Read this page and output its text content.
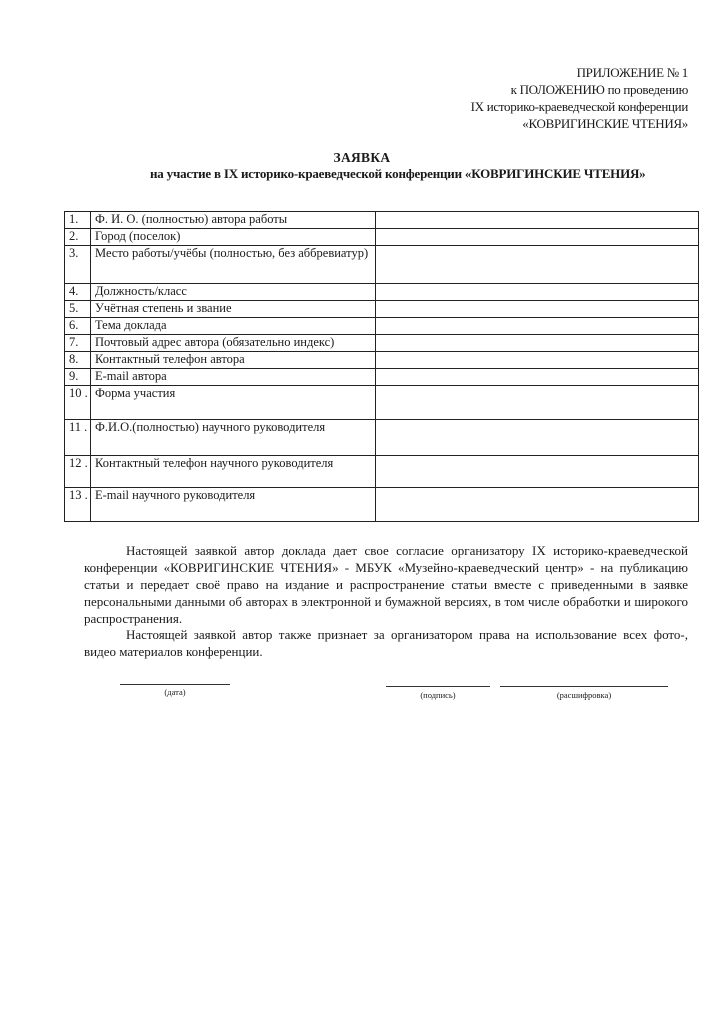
ПРИЛОЖЕНИЕ № 1
к ПОЛОЖЕНИЮ по проведению
IX историко-краеведческой конференции
«КОВРИГИНСКИЕ ЧТЕНИЯ»
ЗАЯВКА
на участие в IX историко-краеведческой конференции «КОВРИГИНСКИЕ ЧТЕНИЯ»
1.	Ф. И. О. (полностью) автора работы	
2.	Город (поселок)	
3.	Место работы/учёбы (полностью, без аббревиатур)	
4.	Должность/класс	
5.	Учётная степень и звание	
6.	Тема доклада	
7.	Почтовый адрес автора (обязательно индекс)	
8.	Контактный телефон автора	
9.	E-mail автора	
10 .	Форма участия	
11 .	Ф.И.О.(полностью) научного руководителя	
12 .	Контактный телефон научного руководителя	
13 .	E-mail научного руководителя	
Настоящей заявкой автор доклада дает свое согласие организатору IX историко-краеведческой конференции «КОВРИГИНСКИЕ ЧТЕНИЯ» - МБУК «Музейно-краеведческий центр» - на публикацию статьи и передает своё право на издание и распространение статьи вместе с приведенными в заявке персональными данными об авторах в электронной и бумажной версиях, в том числе обработки и широкого распространения.
Настоящей заявкой автор также признает за организатором права на использование всех фото-, видео материалов конференции.
(дата)	(подпись)	(расшифровка)
